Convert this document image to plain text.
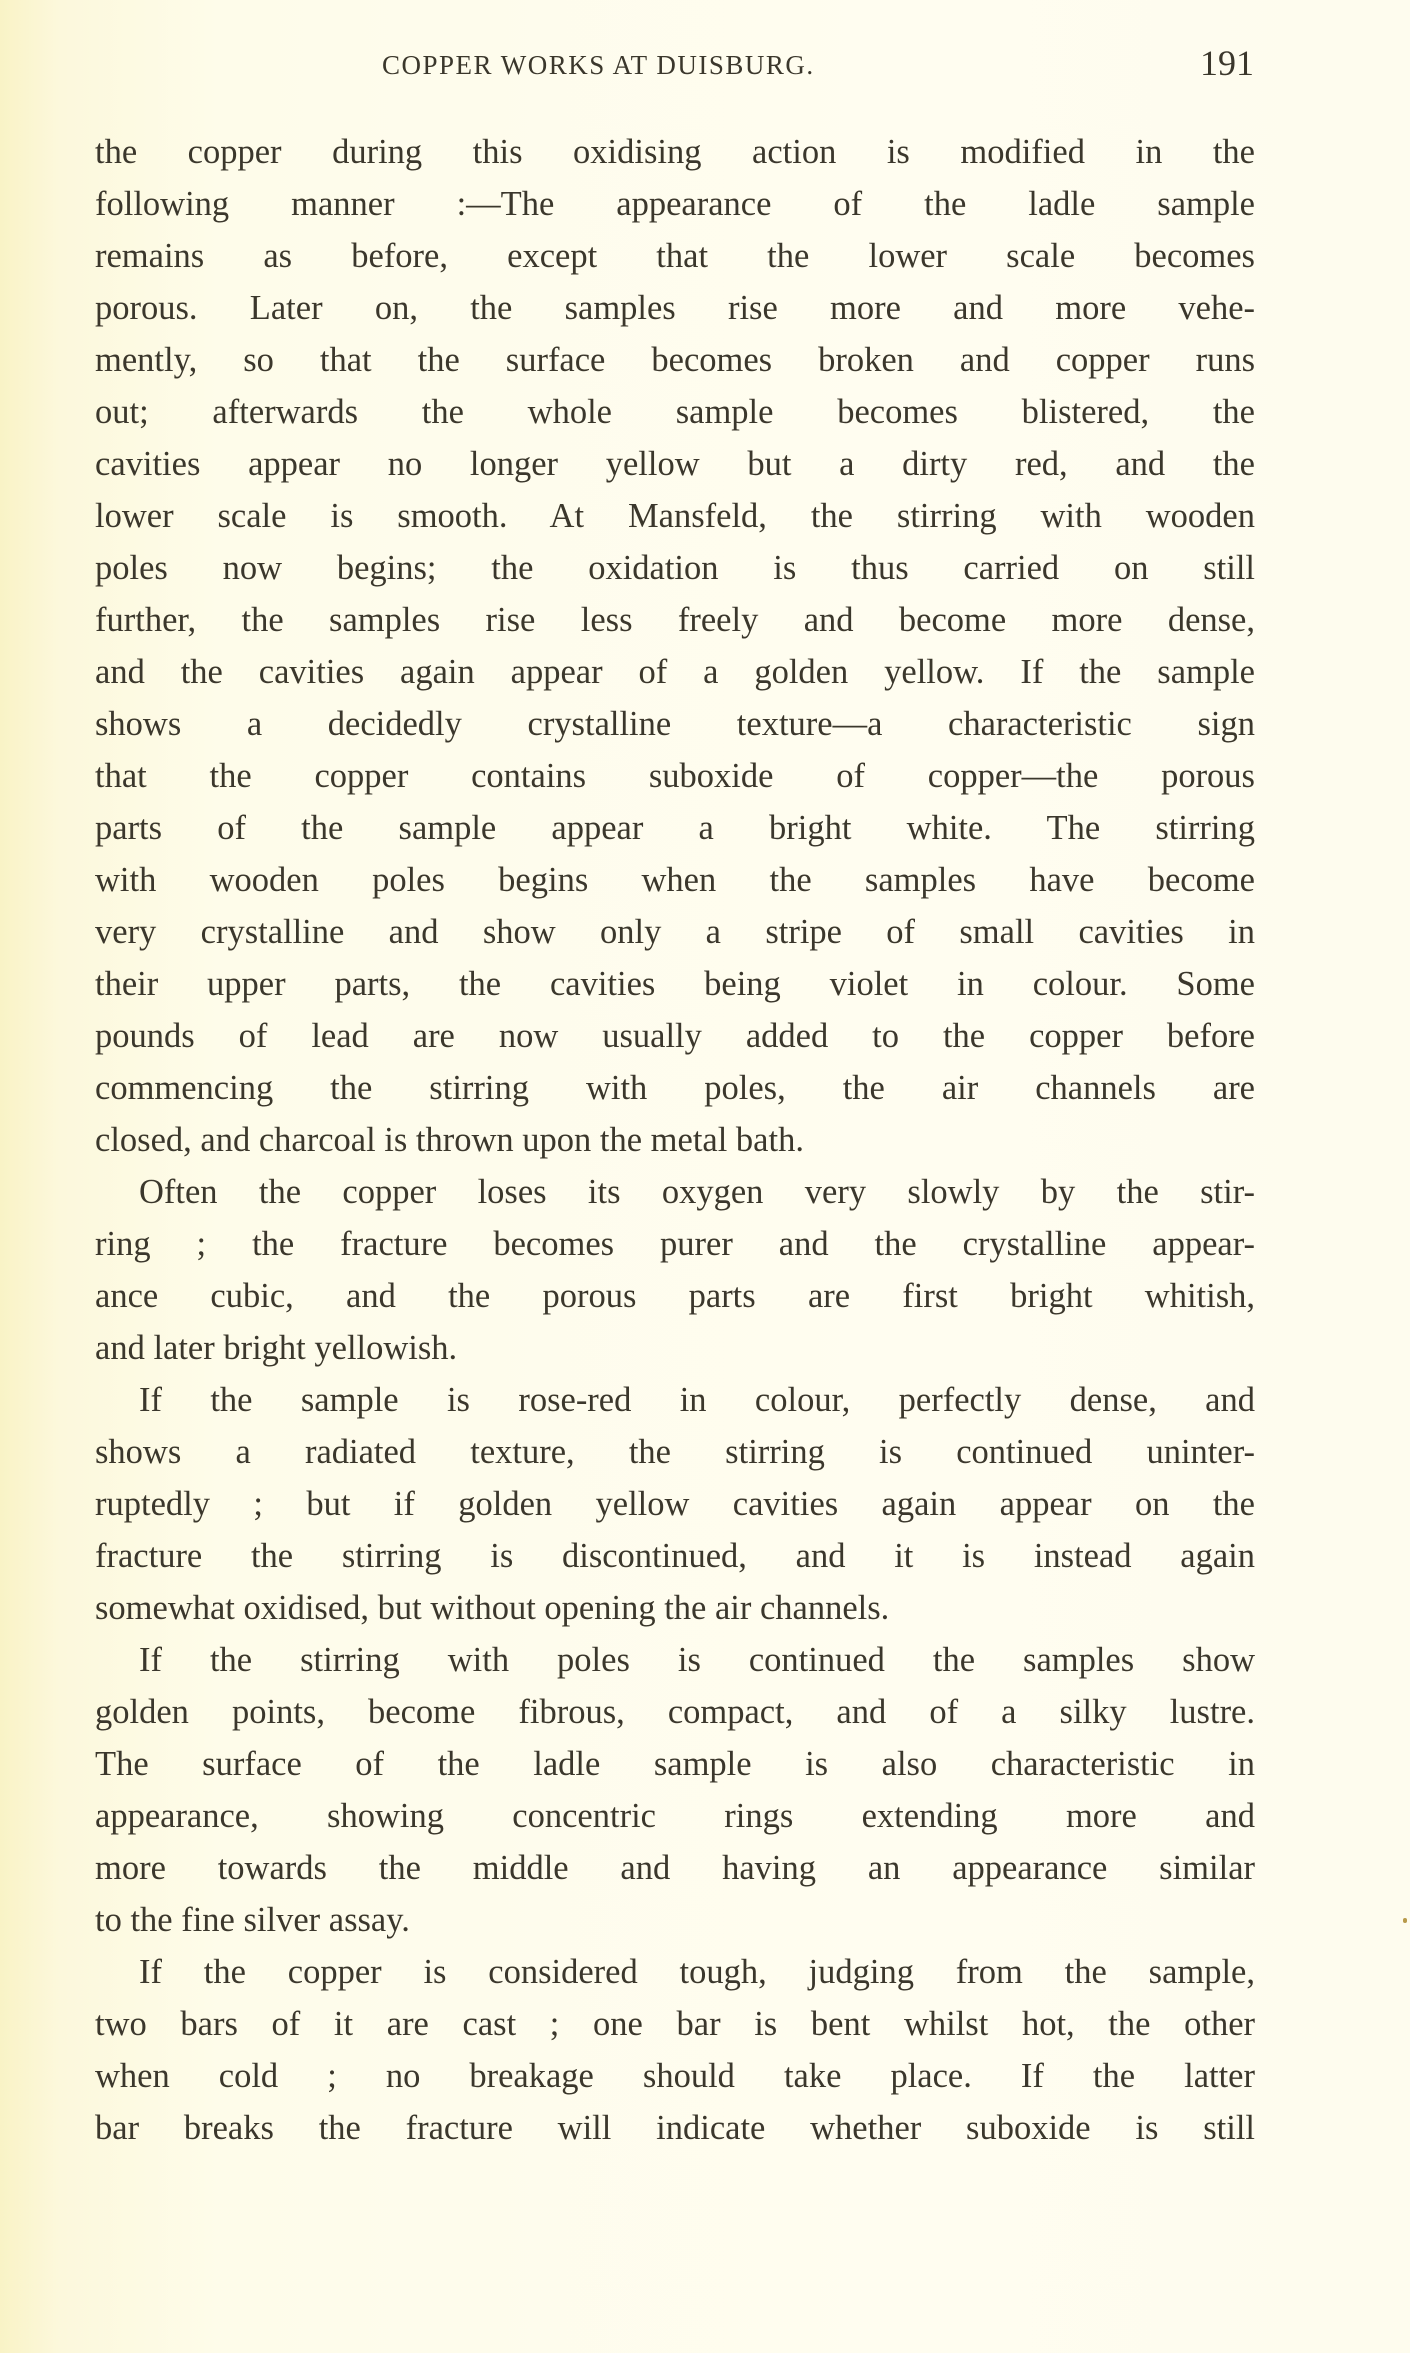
COPPER WORKS AT DUISBURG.	191
the copper during this oxidising action is modified in the
following manner :—The appearance of the ladle sample
remains as before, except that the lower scale becomes
porous. Later on, the samples rise more and more vehe-
mently, so that the surface becomes broken and copper runs
out; afterwards the whole sample becomes blistered, the
cavities appear no longer yellow but a dirty red, and the
lower scale is smooth. At Mansfeld, the stirring with wooden
poles now begins; the oxidation is thus carried on still
further, the samples rise less freely and become more dense,
and the cavities again appear of a golden yellow. If the sample
shows a decidedly crystalline texture—a characteristic sign
that the copper contains suboxide of copper—the porous
parts of the sample appear a bright white. The stirring
with wooden poles begins when the samples have become
very crystalline and show only a stripe of small cavities in
their upper parts, the cavities being violet in colour. Some
pounds of lead are now usually added to the copper before
commencing the stirring with poles, the air channels are
closed, and charcoal is thrown upon the metal bath.
Often the copper loses its oxygen very slowly by the stir-
ring ; the fracture becomes purer and the crystalline appear-
ance cubic, and the porous parts are first bright whitish,
and later bright yellowish.
If the sample is rose-red in colour, perfectly dense, and
shows a radiated texture, the stirring is continued uninter-
ruptedly ; but if golden yellow cavities again appear on the
fracture the stirring is discontinued, and it is instead again
somewhat oxidised, but without opening the air channels.
If the stirring with poles is continued the samples show
golden points, become fibrous, compact, and of a silky lustre.
The surface of the ladle sample is also characteristic in
appearance, showing concentric rings extending more and
more towards the middle and having an appearance similar
to the fine silver assay.
If the copper is considered tough, judging from the sample,
two bars of it are cast ; one bar is bent whilst hot, the other
when cold ; no breakage should take place. If the latter
bar breaks the fracture will indicate whether suboxide is still
